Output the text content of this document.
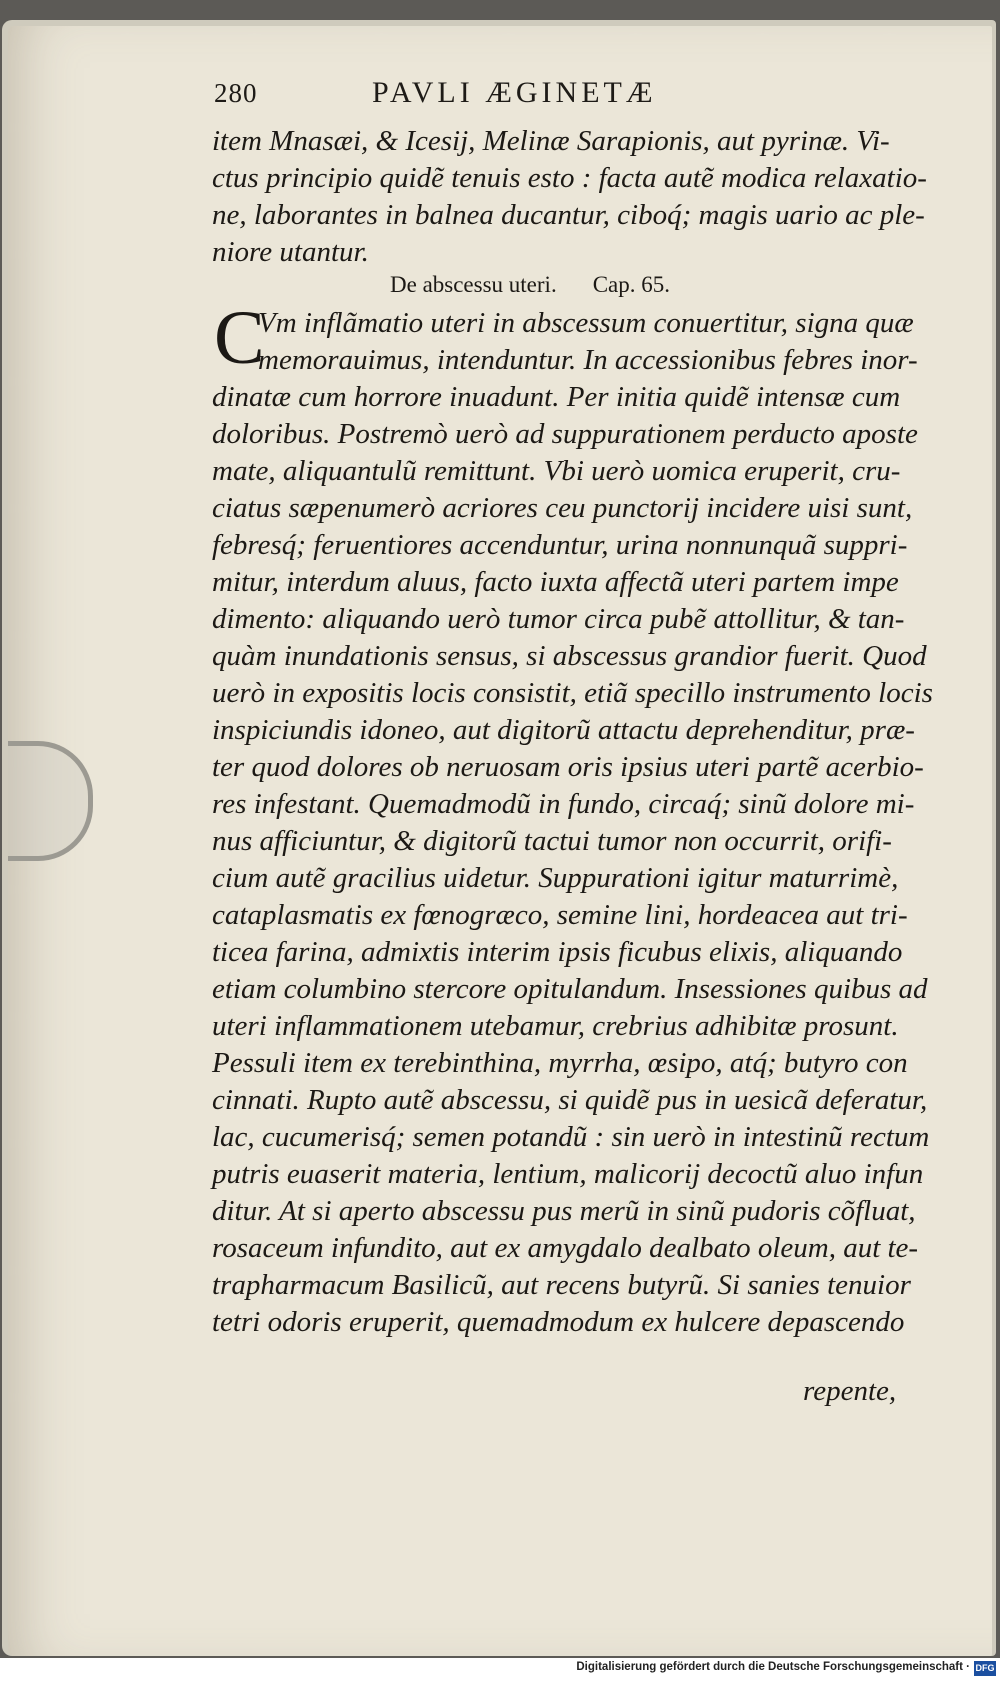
280	PAVLI ÆGINETÆ
item Mnasæi, & Icesij, Melinæ Sarapionis, aut pyrinæ. Vi-
ctus principio quidẽ tenuis esto : facta autẽ modica relaxatio-
ne, laborantes in balnea ducantur, ciboq́; magis uario ac ple-
niore utantur.
De abscessu uteri. Cap. 65.
C
Vm inflãmatio uteri in abscessum conuertitur, signa quæ
memorauimus, intenduntur. In accessionibus febres inor-
dinatæ cum horrore inuadunt. Per initia quidẽ intensæ cum
doloribus. Postremò uerò ad suppurationem perducto aposte
mate, aliquantulũ remittunt. Vbi uerò uomica eruperit, cru-
ciatus sæpenumerò acriores ceu punctorij incidere uisi sunt,
febresq́; feruentiores accenduntur, urina nonnunquã suppri-
mitur, interdum aluus, facto iuxta affectã uteri partem impe
dimento: aliquando uerò tumor circa pubẽ attollitur, & tan-
quàm inundationis sensus, si abscessus grandior fuerit. Quod
uerò in expositis locis consistit, etiã specillo instrumento locis
inspiciundis idoneo, aut digitorũ attactu deprehenditur, præ-
ter quod dolores ob neruosam oris ipsius uteri partẽ acerbio-
res infestant. Quemadmodũ in fundo, circaq́; sinũ dolore mi-
nus afficiuntur, & digitorũ tactui tumor non occurrit, orifi-
cium autẽ gracilius uidetur. Suppurationi igitur maturrimè,
cataplasmatis ex fœnogræco, semine lini, hordeacea aut tri-
ticea farina, admixtis interim ipsis ficubus elixis, aliquando
etiam columbino stercore opitulandum. Insessiones quibus ad
uteri inflammationem utebamur, crebrius adhibitæ prosunt.
Pessuli item ex terebinthina, myrrha, œsipo, atq́; butyro con
cinnati. Rupto autẽ abscessu, si quidẽ pus in uesicã deferatur,
lac, cucumerisq́; semen potandũ : sin uerò in intestinũ rectum
putris euaserit materia, lentium, malicorij decoctũ aluo infun
ditur. At si aperto abscessu pus merũ in sinũ pudoris cõfluat,
rosaceum infundito, aut ex amygdalo dealbato oleum, aut te-
trapharmacum Basilicũ, aut recens butyrũ. Si sanies tenuior
tetri odoris eruperit, quemadmodum ex hulcere depascendo
repente,
Digitalisierung gefördert durch die Deutsche Forschungsgemeinschaft · DFG
